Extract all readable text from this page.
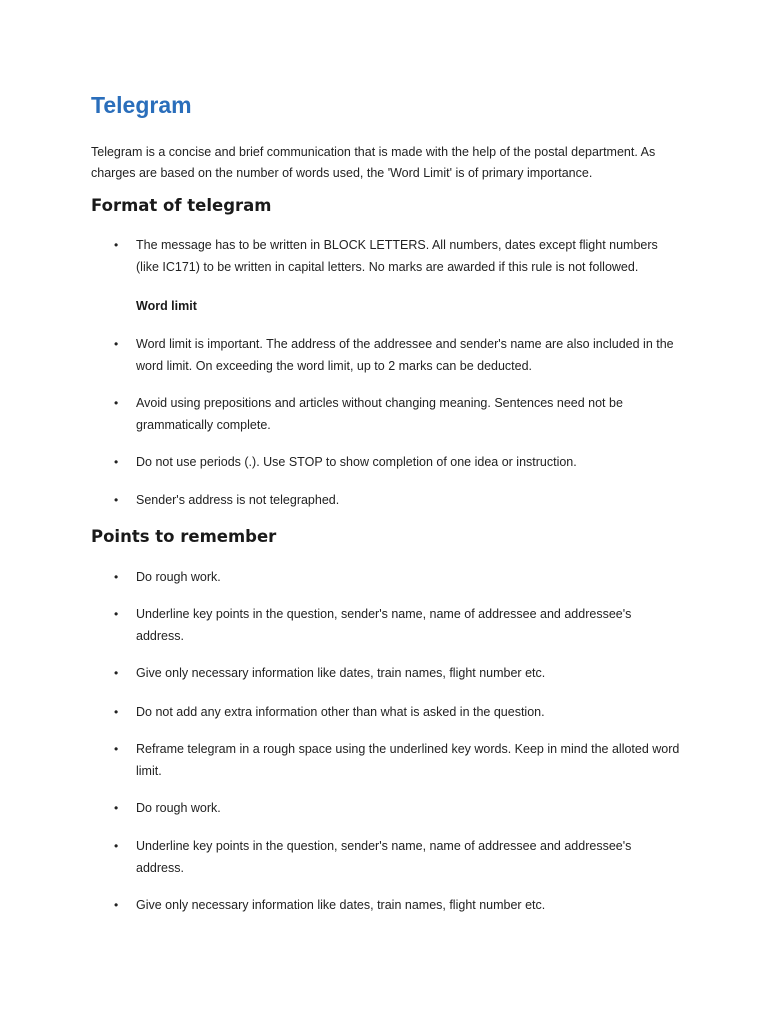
Telegram

Telegram is a concise and brief communication that is made with the help of the postal department. As charges are based on the number of words used, the 'Word Limit' is of primary importance.

Format of telegram
• The message has to be written in BLOCK LETTERS. All numbers, dates except flight numbers (like IC171) to be written in capital letters. No marks are awarded if this rule is not followed.
Word limit
• Word limit is important. The address of the addressee and sender's name are also included in the word limit. On exceeding the word limit, up to 2 marks can be deducted.
• Avoid using prepositions and articles without changing meaning. Sentences need not be grammatically complete.
• Do not use periods (.). Use STOP to show completion of one idea or instruction.
• Sender's address is not telegraphed.
Points to remember
• Do rough work.
• Underline key points in the question, sender's name, name of addressee and addressee's address.
• Give only necessary information like dates, train names, flight number etc.
• Do not add any extra information other than what is asked in the question.
• Reframe telegram in a rough space using the underlined key words. Keep in mind the alloted word limit.
• Do rough work.
• Underline key points in the question, sender's name, name of addressee and addressee's address.
• Give only necessary information like dates, train names, flight number etc.
